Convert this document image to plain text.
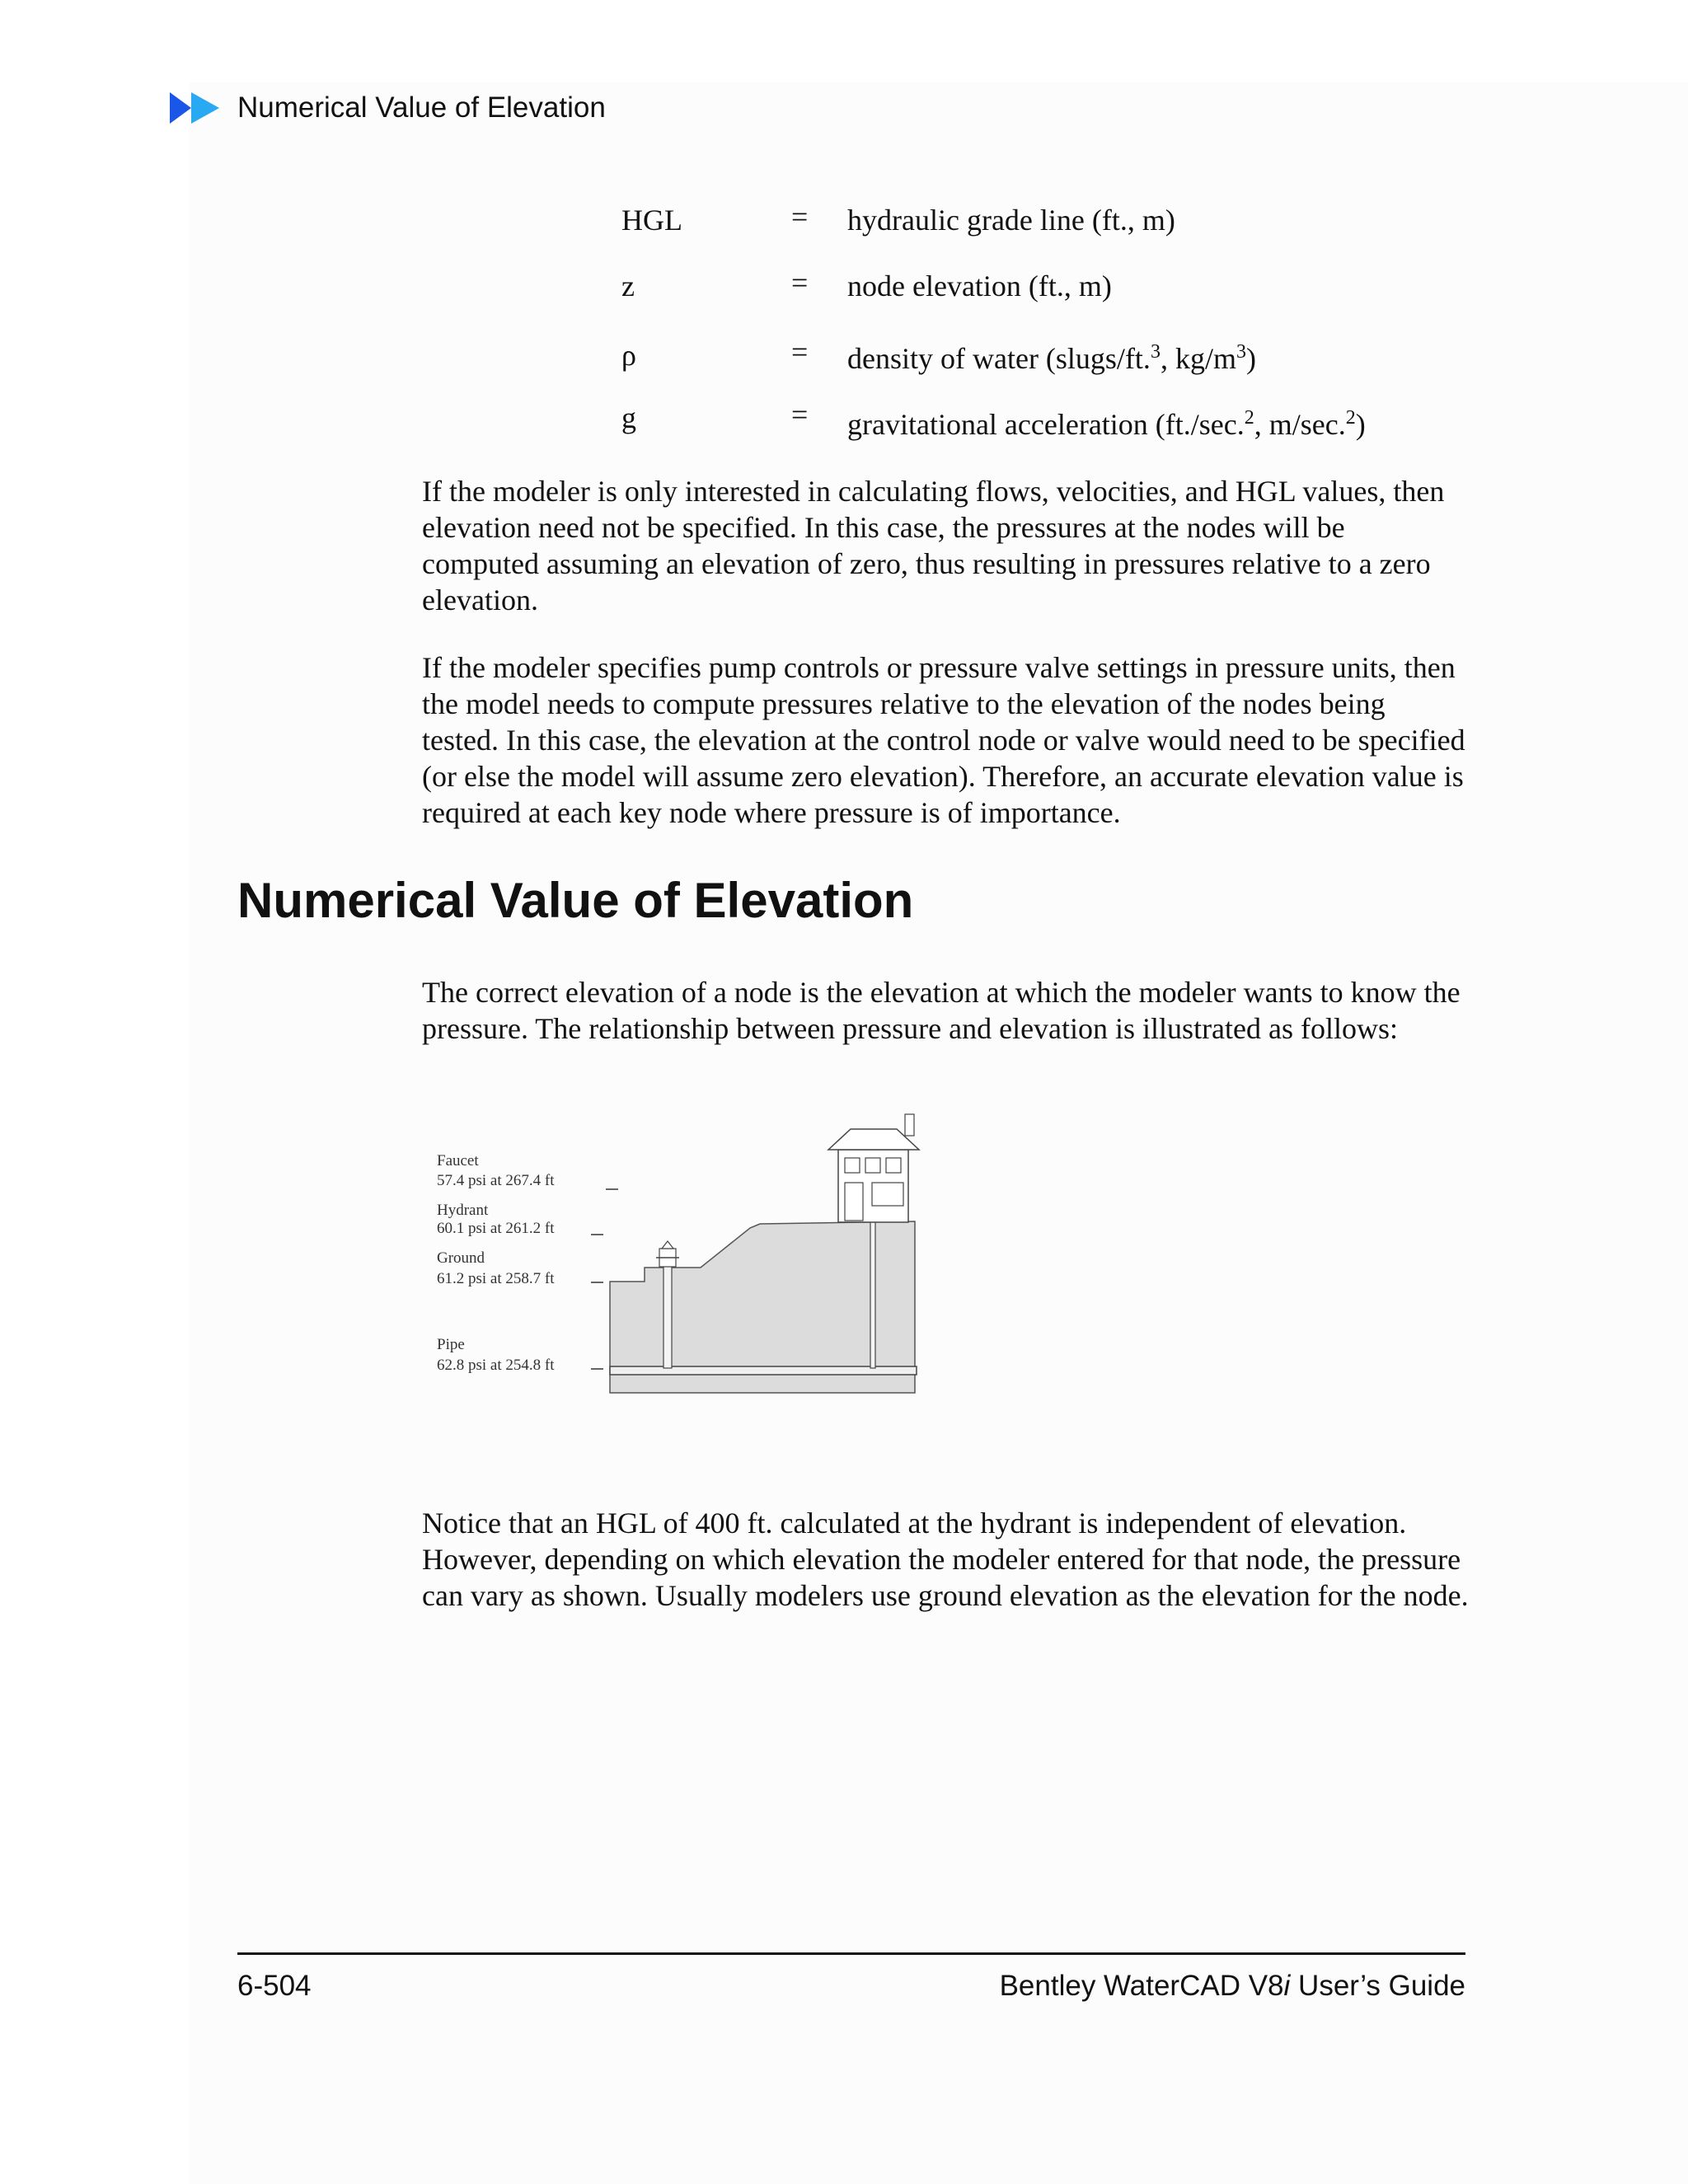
Numerical Value of Elevation
HGL	= hydraulic grade line (ft., m)
z	= node elevation (ft., m)
ρ	= density of water (slugs/ft.$^3$, $kg/m^3$)
g	= gravitational acceleration (ft./sec.$^2$, m/sec.$^2$)

If the modeler is only interested in calculating flows, velocities, and HGL values, then elevation need not be specified. In this case, the pressures at the nodes will be computed assuming an elevation of zero, thus resulting in pressures relative to a zero elevation.

If the modeler specifies pump controls or pressure valve settings in pressure units, then the model needs to compute pressures relative to the elevation of the nodes being tested. In this case, the elevation at the control node or valve would need to be specified (or else the model will assume zero elevation). Therefore, an accurate elevation value is required at each key node where pressure is of importance.

Numerical Value of Elevation

The correct elevation of a node is the elevation at which the modeler wants to know the pressure. The relationship between pressure and elevation is illustrated as follows:

Faucet
57.4 psi at 267.4 ft
Hydrant
60.1 psi at 261.2 ft
Ground
61.2 psi at 258.7 ft
Pipe
62.8 psi at 254.8 ft

Notice that an HGL of 400 ft. calculated at the hydrant is independent of elevation. However, depending on which elevation the modeler entered for that node, the pressure can vary as shown. Usually modelers use ground elevation as the elevation for the node.

6-504	Bentley WaterCAD V8i User’s Guide
